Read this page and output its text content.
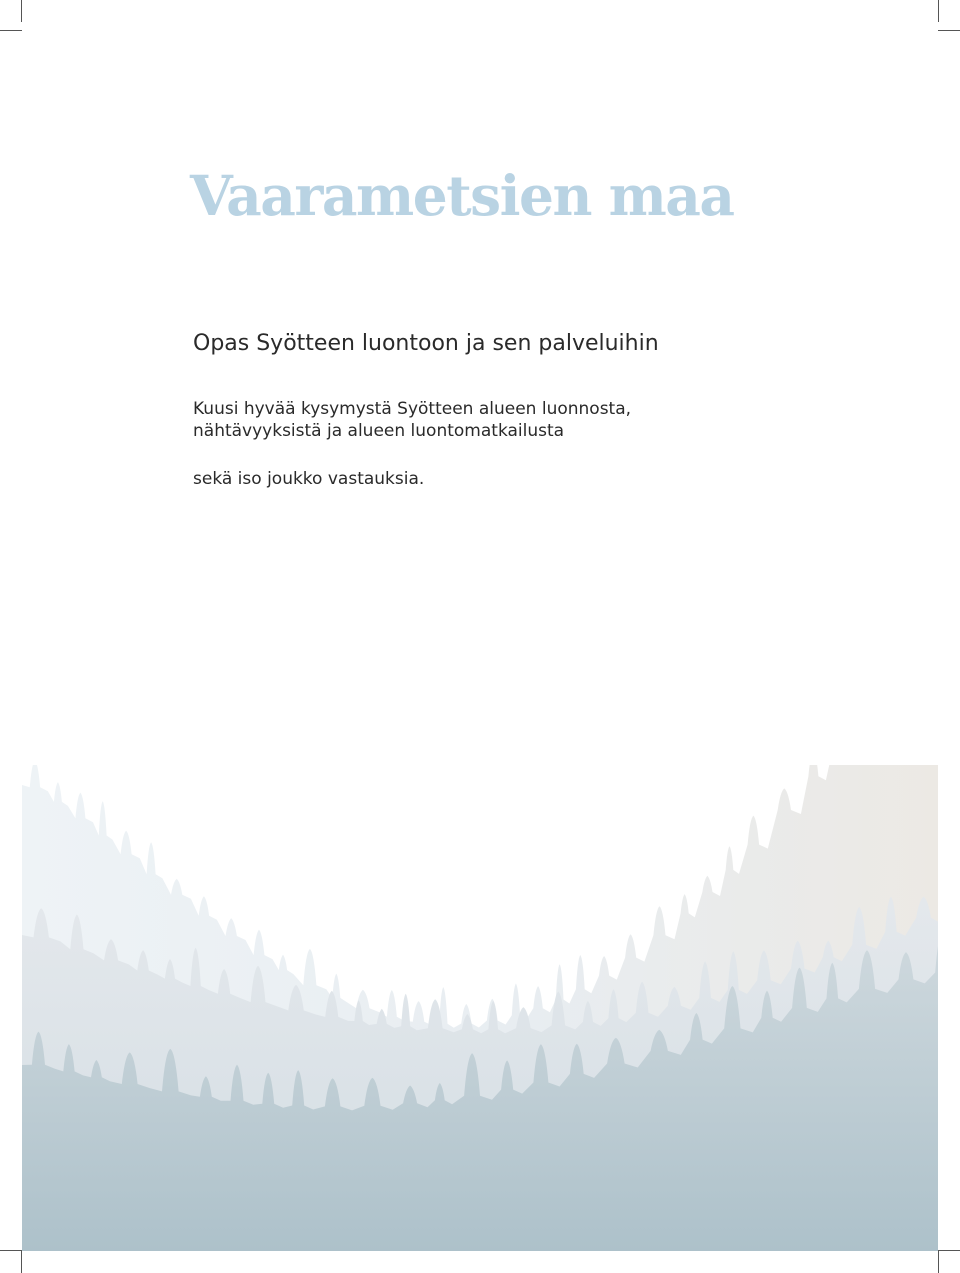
Vaarametsien maa
Opas Syötteen luontoon ja sen palveluihin
Kuusi hyvää kysymystä Syötteen alueen luonnosta,
nähtävyyksistä ja alueen luontomatkailusta
sekä iso joukko vastauksia.
